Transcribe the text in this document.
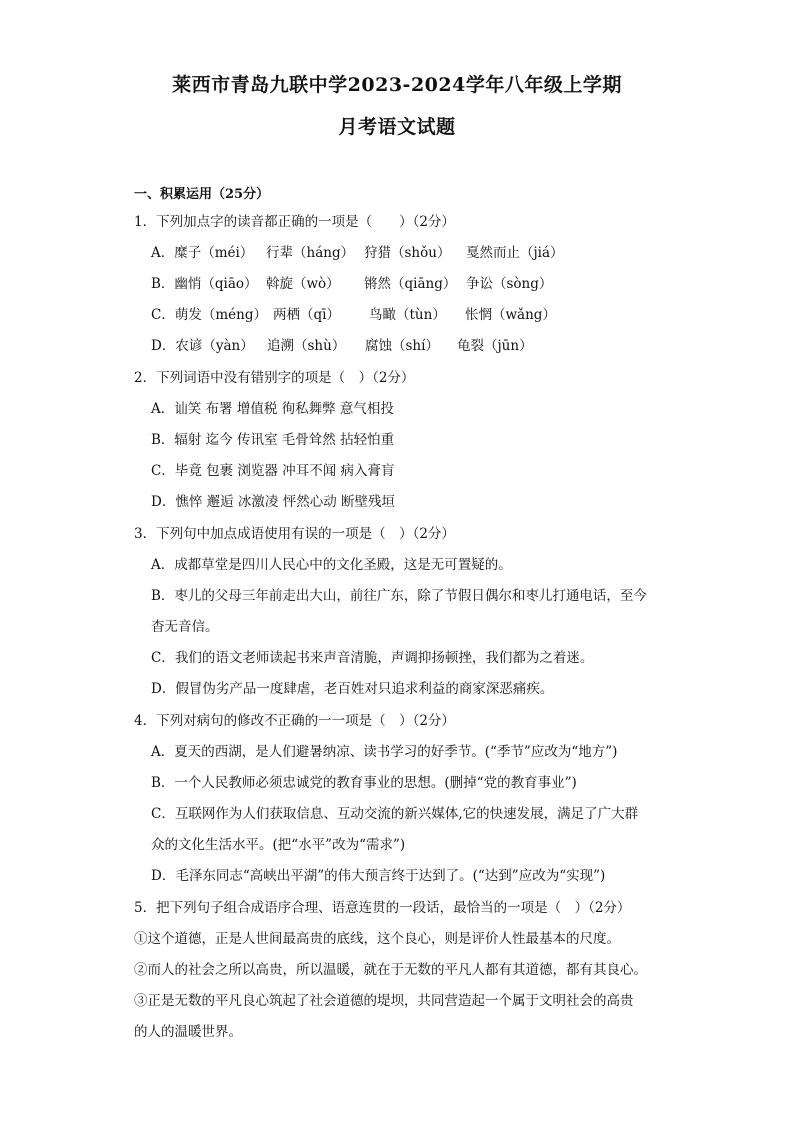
莱西市青岛九联中学2023-2024学年八年级上学期
月考语文试题
一、积累运用（25分）
1．下列加点字的读音都正确的一项是（　　）（2分）
A．糜子（méi） 行辈（háng） 狩猎（shǒu） 戛然而止（jiá）
B．幽悄（qiāo） 斡旋（wò） 锵然（qiāng） 争讼（sòng）
C．萌发（méng） 两栖（qī） 鸟瞰（tùn） 怅惘（wǎng）
D．农谚（yàn） 追溯（shù） 腐蚀（shí） 龟裂（jūn）
2．下列词语中没有错别字的项是（　）（2分）
A．讪笑 布署 增值税 徇私舞弊 意气相投
B．辐射 迄今 传讯室 毛骨耸然 拈轻怕重
C．毕竟 包裹 浏览器 冲耳不闻 病入膏肓
D．憔悴 邂逅 冰激凌 怦然心动 断壁残垣
3．下列句中加点成语使用有误的一项是（　）（2分）
A．成都草堂是四川人民心中的文化圣殿，这是无可置疑的。
B．枣儿的父母三年前走出大山，前往广东，除了节假日偶尔和枣儿打通电话，至今
杳无音信。
C．我们的语文老师读起书来声音清脆，声调抑扬顿挫，我们都为之着迷。
D．假冒伪劣产品一度肆虐，老百姓对只追求利益的商家深恶痛疾。
4．下列对病句的修改不正确的一一项是（　）（2分）
A．夏天的西湖，是人们避暑纳凉、读书学习的好季节。(“季节”应改为“地方”)
B．一个人民教师必须忠诚党的教育事业的思想。(删掉“党的教育事业”)
C．互联网作为人们获取信息、互动交流的新兴媒体,它的快速发展，满足了广大群
众的文化生活水平。(把“水平”改为“需求”)
D．毛泽东同志“高峡出平湖”的伟大预言终于达到了。(“达到”应改为“实现”)
5．把下列句子组合成语序合理、语意连贯的一段话，最恰当的一项是（　）（2分）
①这个道德，正是人世间最高贵的底线，这个良心，则是评价人性最基本的尺度。
②而人的社会之所以高贵，所以温暖，就在于无数的平凡人都有其道德，都有其良心。
③正是无数的平凡良心筑起了社会道德的堤坝，共同营造起一个属于文明社会的高贵
的人的温暖世界。
